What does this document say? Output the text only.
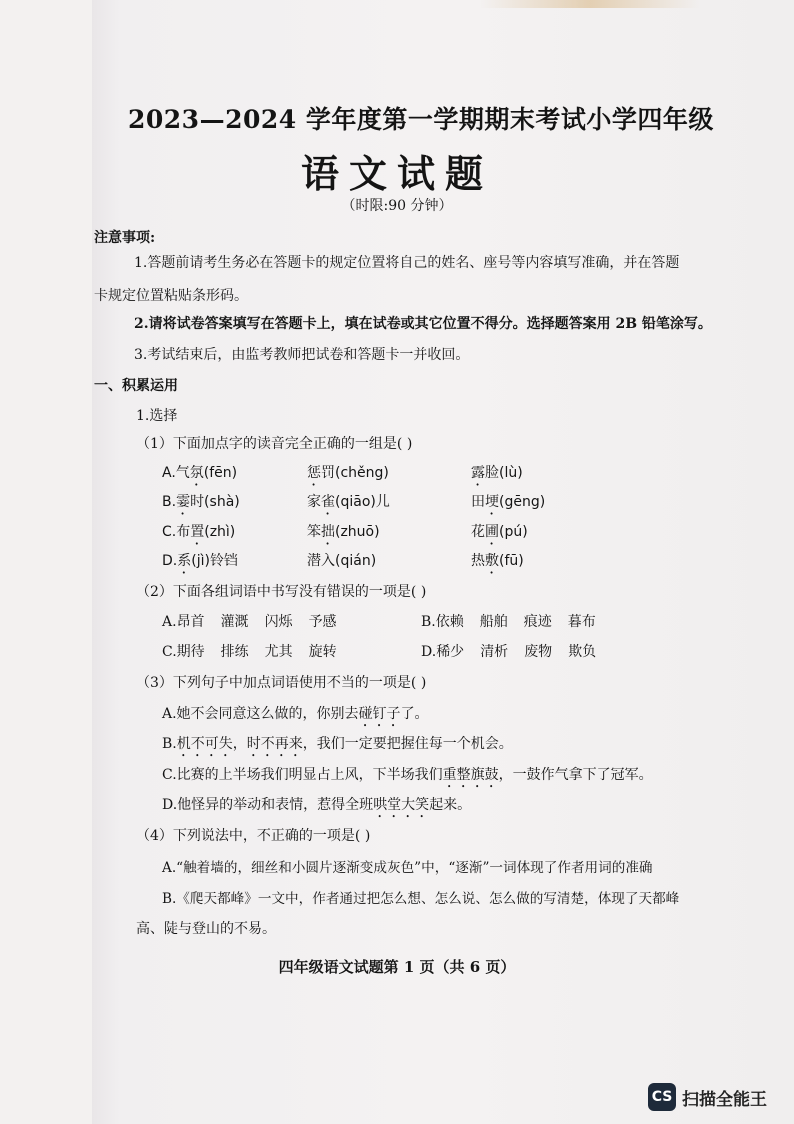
2023—2024 学年度第一学期期末考试小学四年级
语文试题
（时限:90 分钟）
注意事项:
1.答题前请考生务必在答题卡的规定位置将自己的姓名、座号等内容填写准确，并在答题
卡规定位置粘贴条形码。
2.请将试卷答案填写在答题卡上，填在试卷或其它位置不得分。选择题答案用 2B 铅笔涂写。
3.考试结束后，由监考教师把试卷和答题卡一并收回。
一、积累运用
1.选择
（1）下面加点字的读音完全正确的一组是( )
A.气氛(fēn)	惩罚(chěng)	露脸(lù)
B.霎时(shà)	家雀(qiāo)儿	田埂(gēng)
C.布置(zhì)	笨拙(zhuō)	花圃(pú)
D.系(jì)铃铛	潜入(qián)	热敷(fū)
（2）下面各组词语中书写没有错误的一项是( )
A.昂首 灌溉 闪烁 予感	B.依赖 船舶 痕迹 暮布
C.期待 排练 尤其 旋转	D.稀少 清析 废物 欺负
（3）下列句子中加点词语使用不当的一项是( )
A.她不会同意这么做的，你别去碰钉子了。
B.机不可失，时不再来，我们一定要把握住每一个机会。
C.比赛的上半场我们明显占上风，下半场我们重整旗鼓，一鼓作气拿下了冠军。
D.他怪异的举动和表情，惹得全班哄堂大笑起来。
（4）下列说法中，不正确的一项是( )
A.“触着墙的，细丝和小圆片逐渐变成灰色”中，“逐渐”一词体现了作者用词的准确
B.《爬天都峰》一文中，作者通过把怎么想、怎么说、怎么做的写清楚，体现了天都峰
高、陡与登山的不易。
四年级语文试题第 1 页（共 6 页）
CS 扫描全能王
